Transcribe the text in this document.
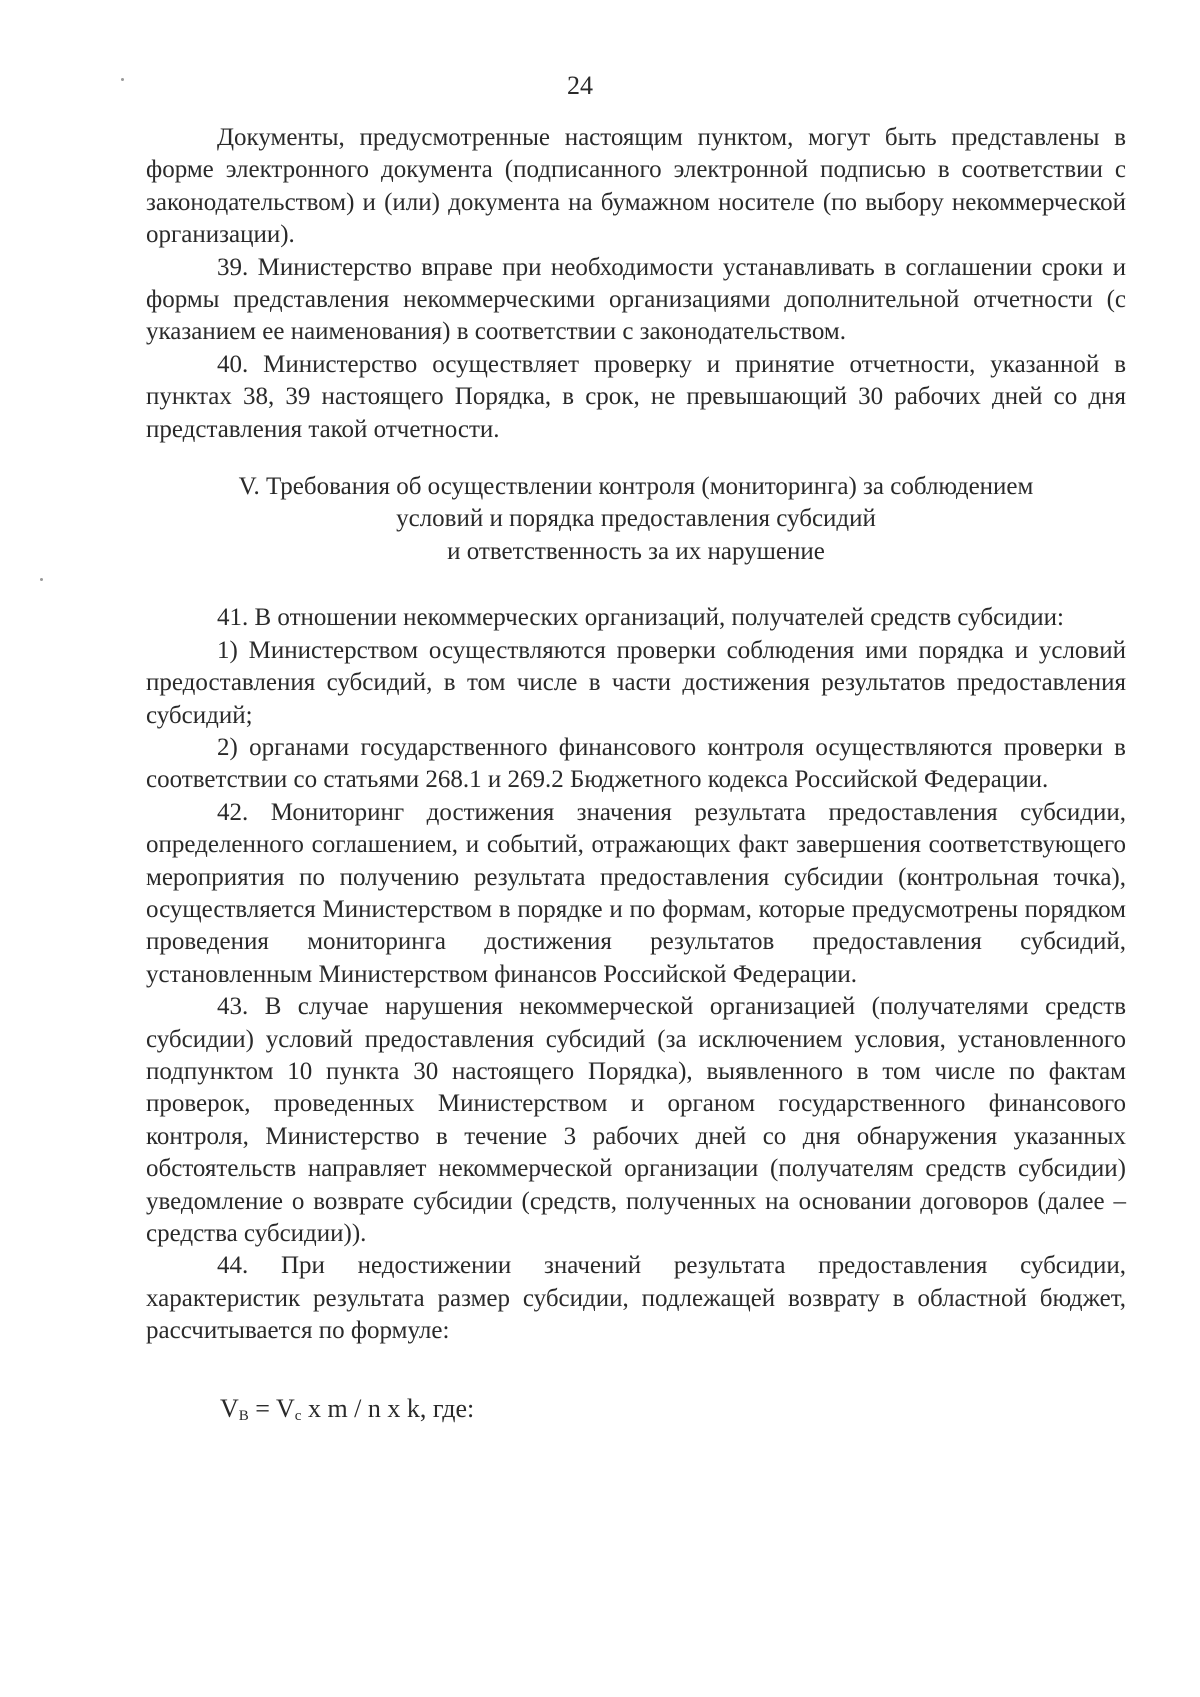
24

Документы, предусмотренные настоящим пунктом, могут быть представлены в форме электронного документа (подписанного электронной подписью в соответствии с законодательством) и (или) документа на бумажном носителе (по выбору некоммерческой организации).

39. Министерство вправе при необходимости устанавливать в соглашении сроки и формы представления некоммерческими организациями дополнительной отчетности (с указанием ее наименования) в соответствии с законодательством.

40. Министерство осуществляет проверку и принятие отчетности, указанной в пунктах 38, 39 настоящего Порядка, в срок, не превышающий 30 рабочих дней со дня представления такой отчетности.

V. Требования об осуществлении контроля (мониторинга) за соблюдением
условий и порядка предоставления субсидий
и ответственность за их нарушение

41. В отношении некоммерческих организаций, получателей средств субсидии:

1) Министерством осуществляются проверки соблюдения ими порядка и условий предоставления субсидий, в том числе в части достижения результатов предоставления субсидий;

2) органами государственного финансового контроля осуществляются проверки в соответствии со статьями 268.1 и 269.2 Бюджетного кодекса Российской Федерации.

42. Мониторинг достижения значения результата предоставления субсидии, определенного соглашением, и событий, отражающих факт завершения соответствующего мероприятия по получению результата предоставления субсидии (контрольная точка), осуществляется Министерством в порядке и по формам, которые предусмотрены порядком проведения мониторинга достижения результатов предоставления субсидий, установленным Министерством финансов Российской Федерации.

43. В случае нарушения некоммерческой организацией (получателями средств субсидии) условий предоставления субсидий (за исключением условия, установленного подпунктом 10 пункта 30 настоящего Порядка), выявленного в том числе по фактам проверок, проведенных Министерством и органом государственного финансового контроля, Министерство в течение 3 рабочих дней со дня обнаружения указанных обстоятельств направляет некоммерческой организации (получателям средств субсидии) уведомление о возврате субсидии (средств, полученных на основании договоров (далее – средства субсидии)).

44. При недостижении значений результата предоставления субсидии, характеристик результата размер субсидии, подлежащей возврату в областной бюджет, рассчитывается по формуле:

$V_B = V_c$ x m / n x k, где:
